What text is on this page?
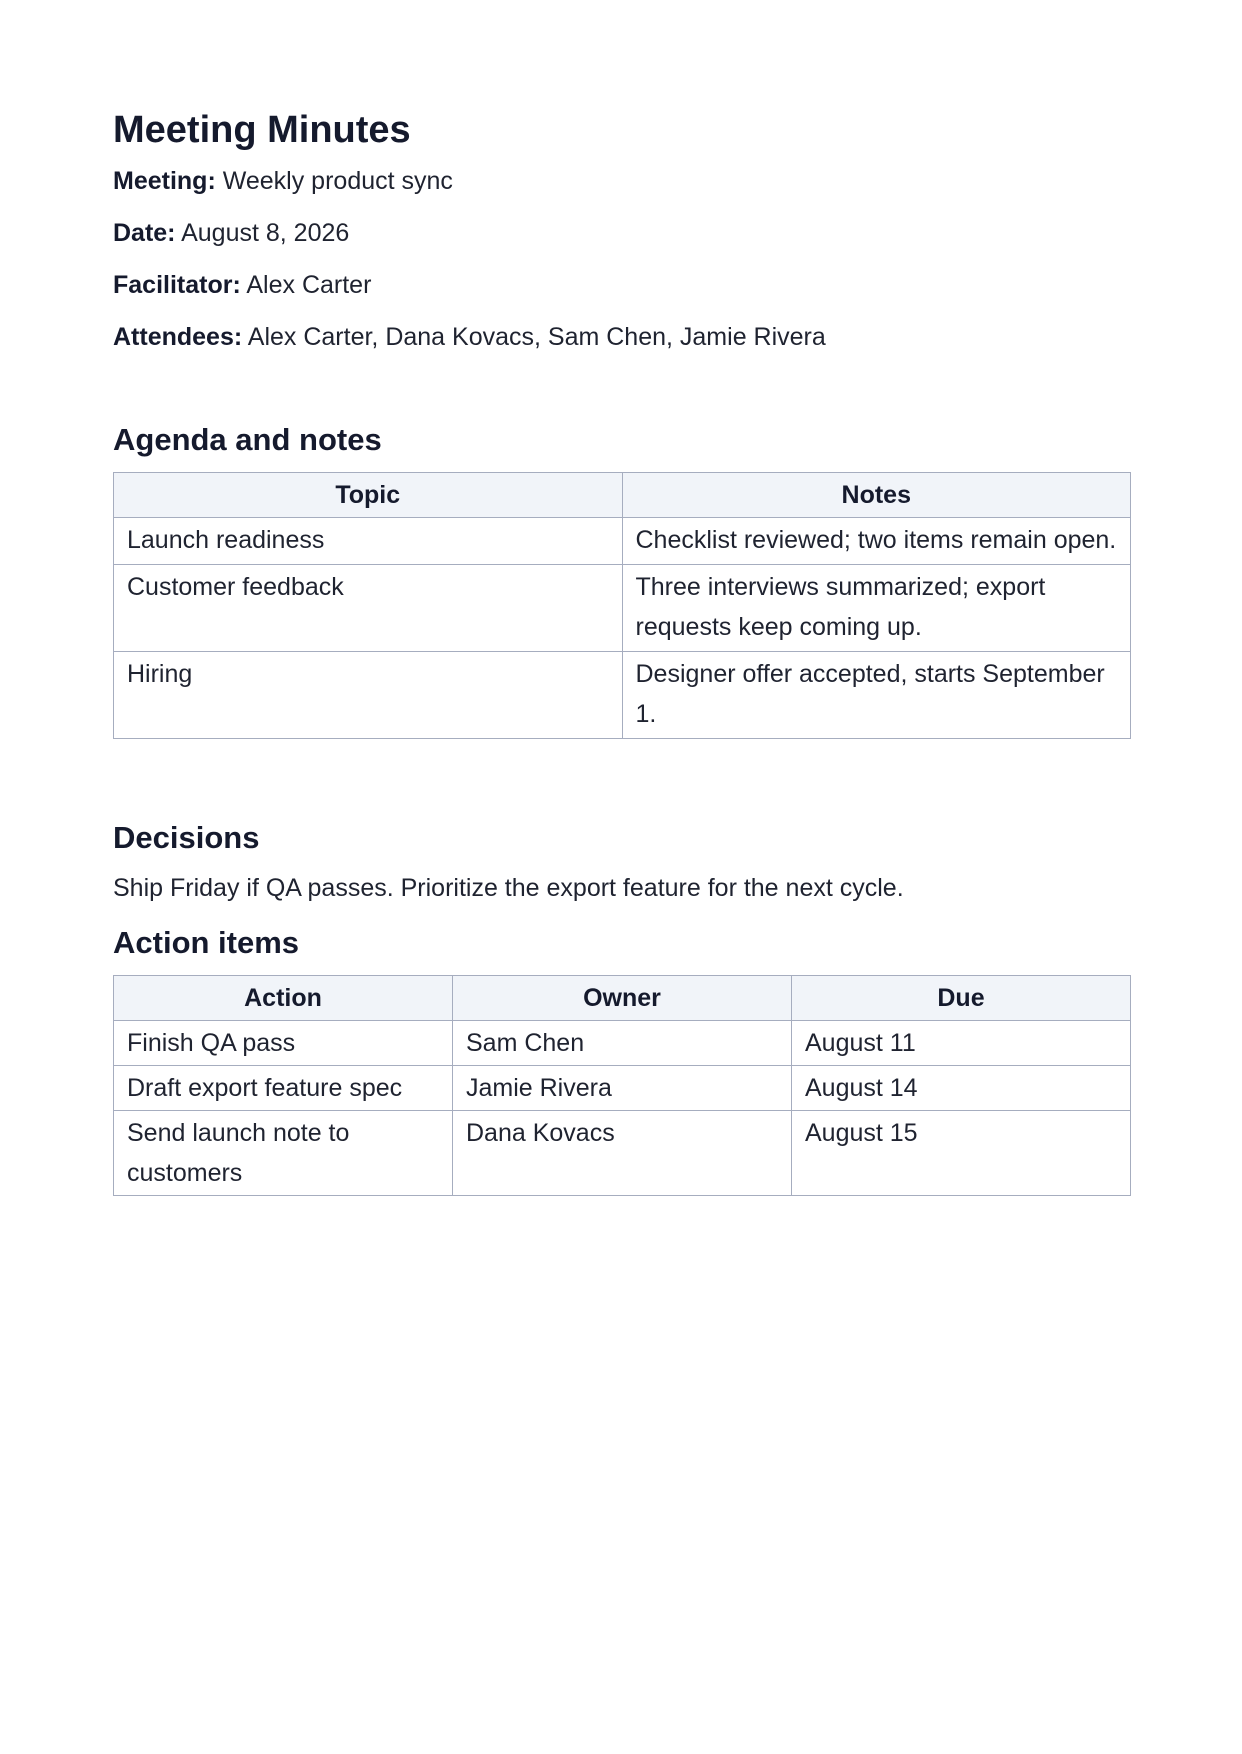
Meeting Minutes

Meeting: Weekly product sync

Date: August 8, 2026

Facilitator: Alex Carter

Attendees: Alex Carter, Dana Kovacs, Sam Chen, Jamie Rivera

Agenda and notes
Topic	Notes
Launch readiness	Checklist reviewed; two items remain open.
Customer feedback	Three interviews summarized; export requests keep coming up.
Hiring	Designer offer accepted, starts September 1.
Decisions

Ship Friday if QA passes. Prioritize the export feature for the next cycle.

Action items
Action	Owner	Due
Finish QA pass	Sam Chen	August 11
Draft export feature spec	Jamie Rivera	August 14
Send launch note to customers	Dana Kovacs	August 15
